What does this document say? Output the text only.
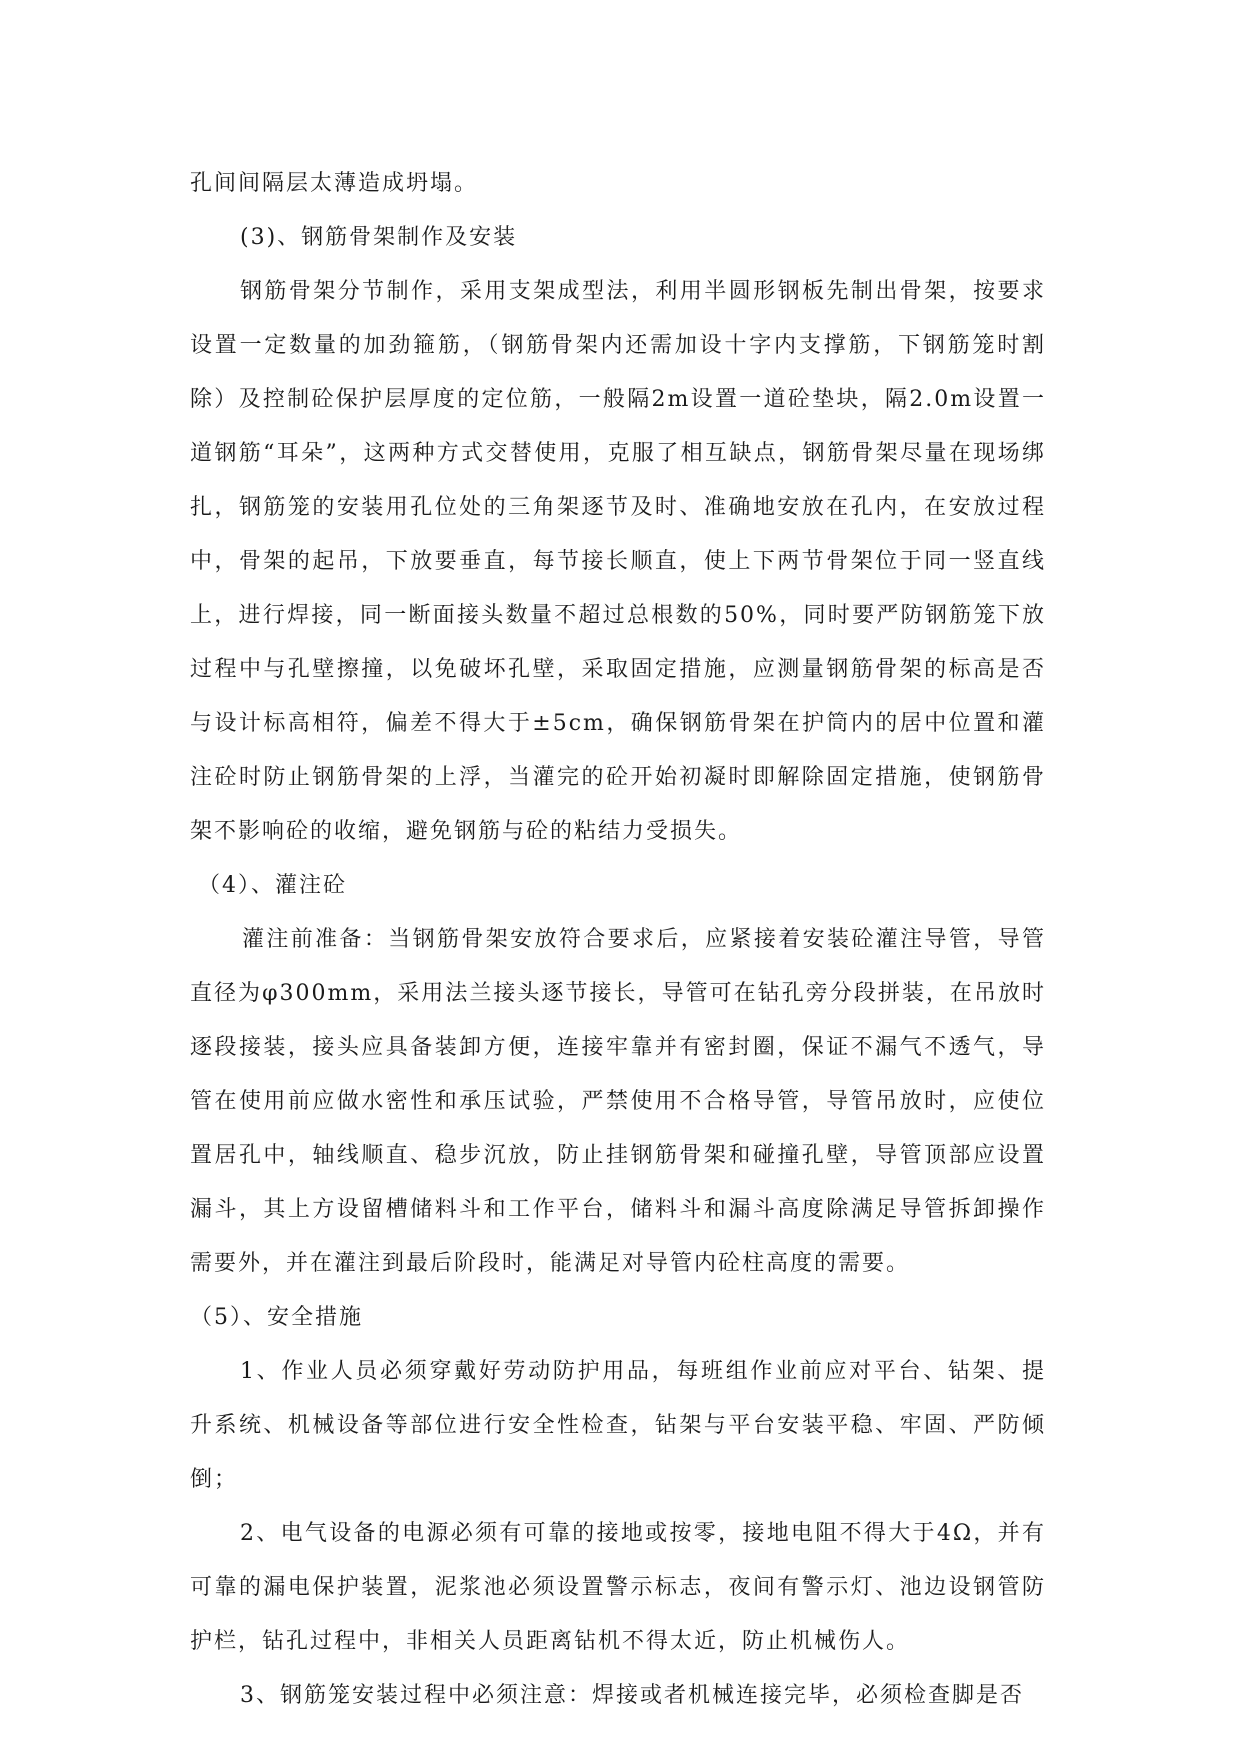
孔间间隔层太薄造成坍塌。

(3)、钢筋骨架制作及安装

钢筋骨架分节制作，采用支架成型法，利用半圆形钢板先制出骨架，按要求设置一定数量的加劲箍筋，（钢筋骨架内还需加设十字内支撑筋，下钢筋笼时割除）及控制砼保护层厚度的定位筋，一般隔2m设置一道砼垫块，隔2.0m设置一道钢筋“耳朵”，这两种方式交替使用，克服了相互缺点，钢筋骨架尽量在现场绑扎，钢筋笼的安装用孔位处的三角架逐节及时、准确地安放在孔内，在安放过程中，骨架的起吊，下放要垂直，每节接长顺直，使上下两节骨架位于同一竖直线上，进行焊接，同一断面接头数量不超过总根数的50%，同时要严防钢筋笼下放过程中与孔壁擦撞，以免破坏孔壁，采取固定措施，应测量钢筋骨架的标高是否与设计标高相符，偏差不得大于±5cm，确保钢筋骨架在护筒内的居中位置和灌注砼时防止钢筋骨架的上浮，当灌完的砼开始初凝时即解除固定措施，使钢筋骨架不影响砼的收缩，避免钢筋与砼的粘结力受损失。

（4）、灌注砼

灌注前准备：当钢筋骨架安放符合要求后，应紧接着安装砼灌注导管，导管直径为φ300mm，采用法兰接头逐节接长，导管可在钻孔旁分段拼装，在吊放时逐段接装，接头应具备装卸方便，连接牢靠并有密封圈，保证不漏气不透气，导管在使用前应做水密性和承压试验，严禁使用不合格导管，导管吊放时，应使位置居孔中，轴线顺直、稳步沉放，防止挂钢筋骨架和碰撞孔壁，导管顶部应设置漏斗，其上方设留槽储料斗和工作平台，储料斗和漏斗高度除满足导管拆卸操作需要外，并在灌注到最后阶段时，能满足对导管内砼柱高度的需要。

（5）、安全措施

1、作业人员必须穿戴好劳动防护用品，每班组作业前应对平台、钻架、提升系统、机械设备等部位进行安全性检查，钻架与平台安装平稳、牢固、严防倾倒；

2、电气设备的电源必须有可靠的接地或按零，接地电阻不得大于4Ω，并有可靠的漏电保护装置，泥浆池必须设置警示标志，夜间有警示灯、池边设钢管防护栏，钻孔过程中，非相关人员距离钻机不得太近，防止机械伤人。

3、钢筋笼安装过程中必须注意：焊接或者机械连接完毕，必须检查脚是否
